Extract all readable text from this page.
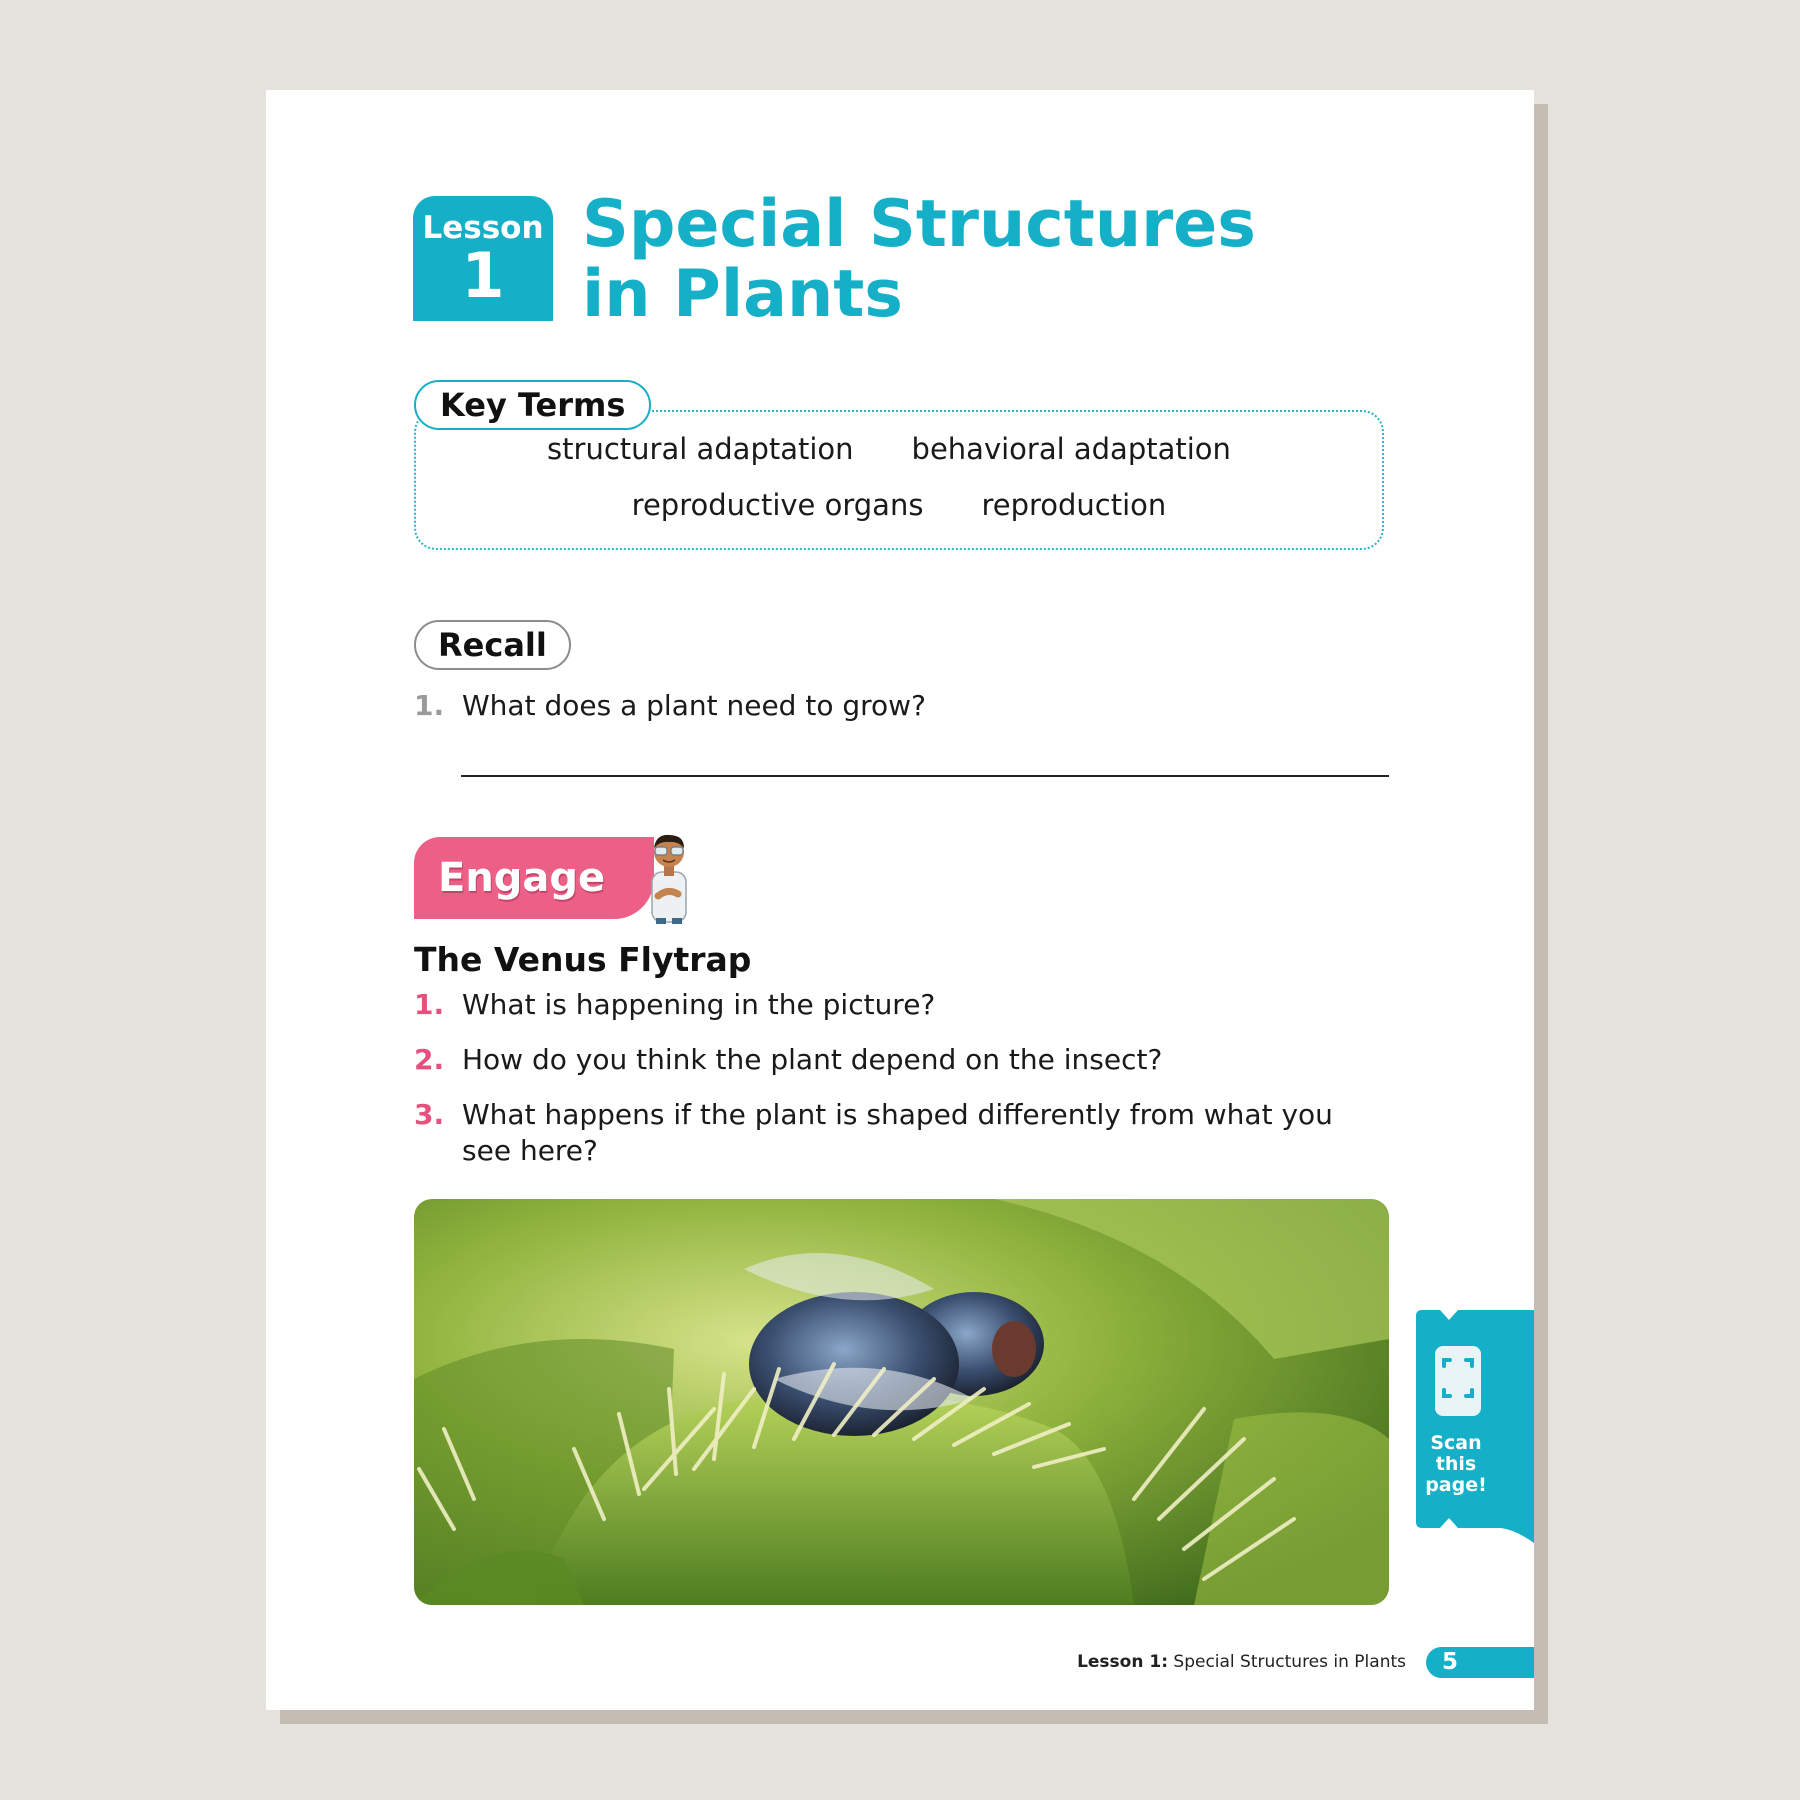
Lesson
1
Special Structures in Plants
structural adaptation behavioral adaptation
reproductive organs reproduction
Key Terms
Recall
1. What does a plant need to grow?
Engage
The Venus Flytrap
1. What is happening in the picture?
2. How do you think the plant depend on the insect?
3. What happens if the plant is shaped differently from what you see here?
Scan
this
page!
Lesson 1: Special Structures in Plants	5
